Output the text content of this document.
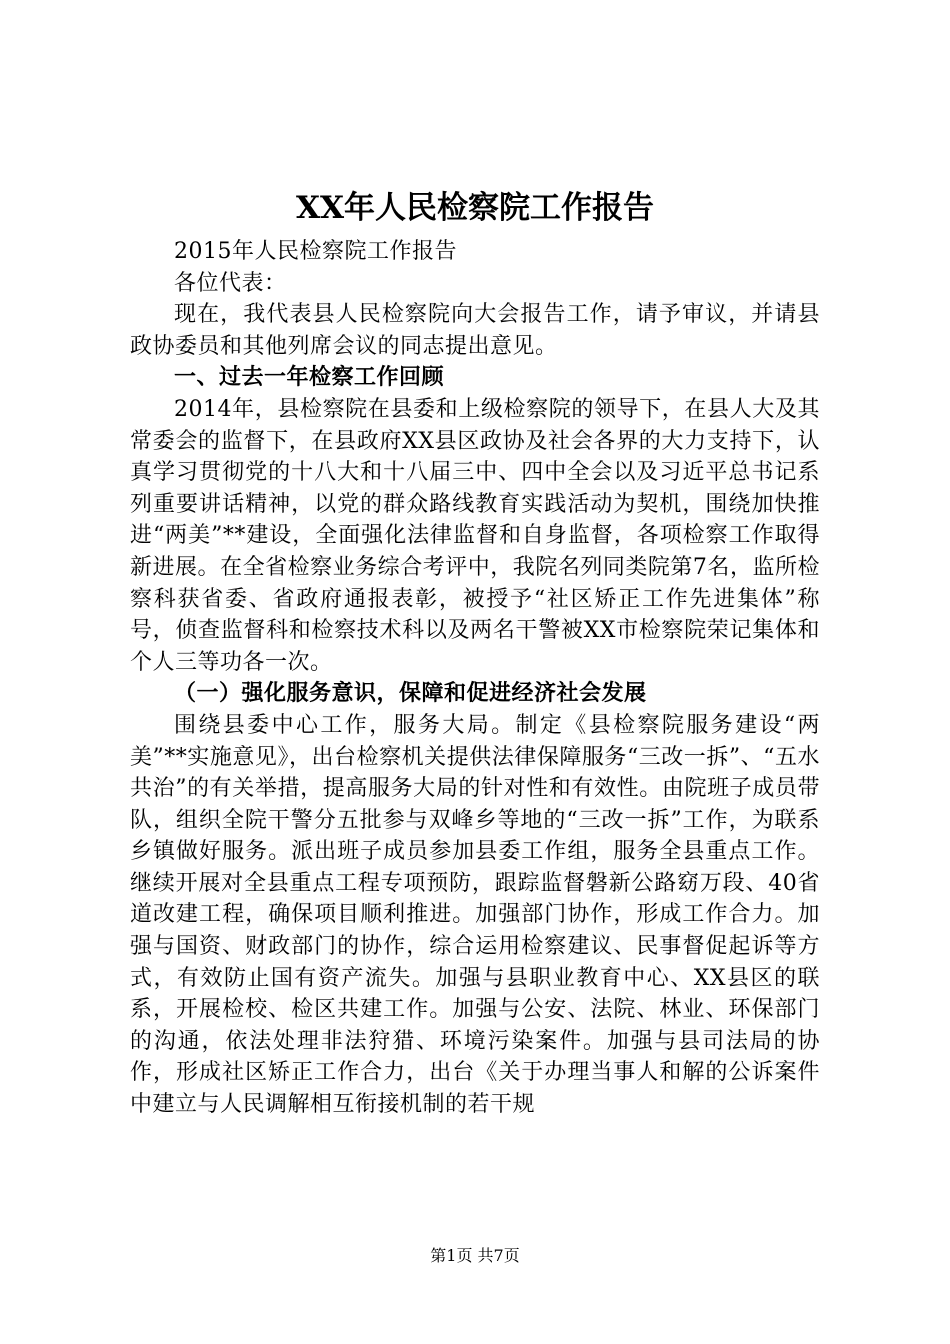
XX年人民检察院工作报告

2015年人民检察院工作报告

各位代表：

现在，我代表县人民检察院向大会报告工作，请予审议，并请县政协委员和其他列席会议的同志提出意见。

一、过去一年检察工作回顾

2014年，县检察院在县委和上级检察院的领导下，在县人大及其常委会的监督下，在县政府XX县区政协及社会各界的大力支持下，认真学习贯彻党的十八大和十八届三中、四中全会以及习近平总书记系列重要讲话精神，以党的群众路线教育实践活动为契机，围绕加快推进“两美”**建设，全面强化法律监督和自身监督，各项检察工作取得新进展。在全省检察业务综合考评中，我院名列同类院第7名，监所检察科获省委、省政府通报表彰，被授予“社区矫正工作先进集体”称号，侦查监督科和检察技术科以及两名干警被XX市检察院荣记集体和个人三等功各一次。

（一）强化服务意识，保障和促进经济社会发展

围绕县委中心工作，服务大局。制定《县检察院服务建设“两美”**实施意见》，出台检察机关提供法律保障服务“三改一拆”、“五水共治”的有关举措，提高服务大局的针对性和有效性。由院班子成员带队，组织全院干警分五批参与双峰乡等地的“三改一拆”工作，为联系乡镇做好服务。派出班子成员参加县委工作组，服务全县重点工作。继续开展对全县重点工程专项预防，跟踪监督磐新公路窈万段、40省道改建工程，确保项目顺利推进。加强部门协作，形成工作合力。加强与国资、财政部门的协作，综合运用检察建议、民事督促起诉等方式，有效防止国有资产流失。加强与县职业教育中心、XX县区的联系，开展检校、检区共建工作。加强与公安、法院、林业、环保部门的沟通，依法处理非法狩猎、环境污染案件。加强与县司法局的协作，形成社区矫正工作合力，出台《关于办理当事人和解的公诉案件中建立与人民调解相互衔接机制的若干规

第1页 共7页
